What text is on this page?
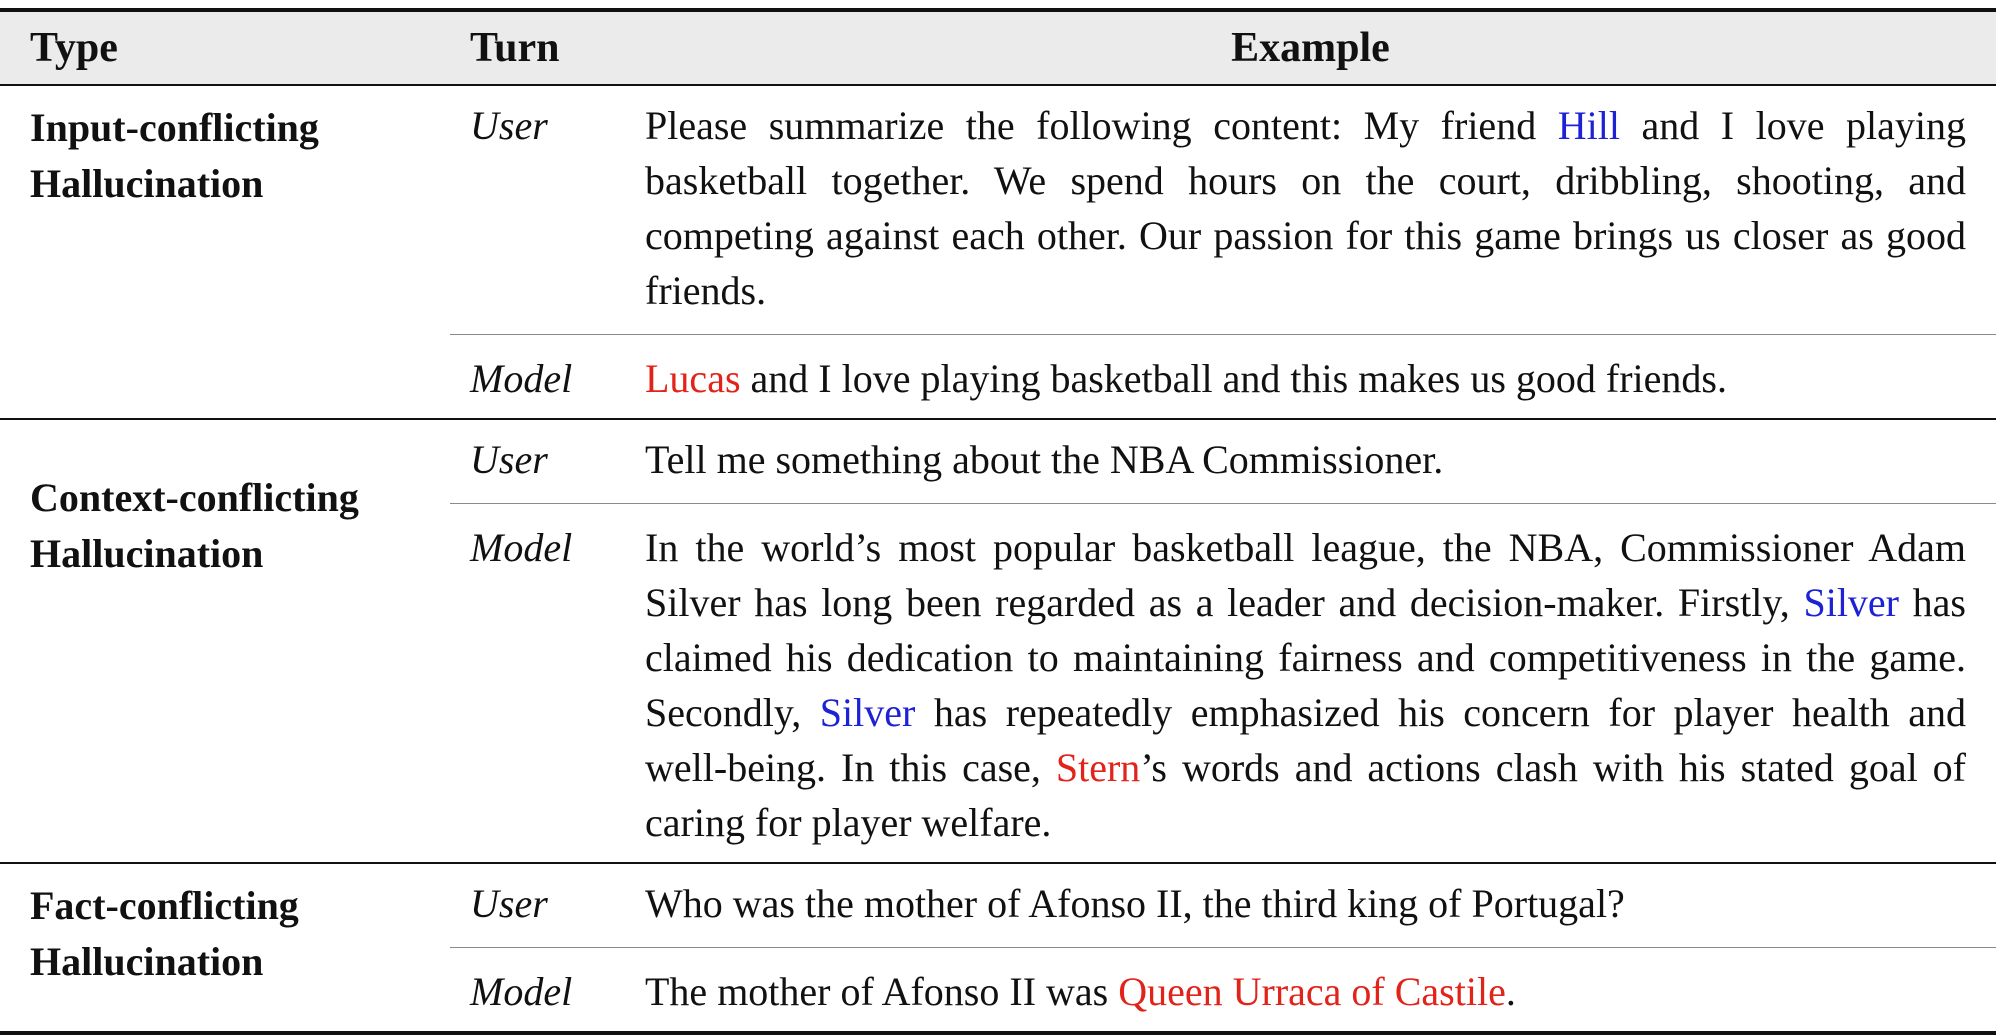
Type	Turn	Example
Input-conflicting
Hallucination	User	Please summarize the following content: My friend Hill and I love playing basketball together. We spend hours on the court, dribbling, shooting, and competing against each other. Our passion for this game brings us closer as good friends.
	Model	Lucas and I love playing basketball and this makes us good friends.
Context-conflicting
Hallucination	User	Tell me something about the NBA Commissioner.
	Model	In the world’s most popular basketball league, the NBA, Commissioner Adam Silver has long been regarded as a leader and decision-maker. Firstly, Silver has claimed his dedication to maintaining fairness and competitiveness in the game. Secondly, Silver has repeatedly emphasized his concern for player health and well-being. In this case, Stern’s words and actions clash with his stated goal of caring for player welfare.
Fact-conflicting
Hallucination	User	Who was the mother of Afonso II, the third king of Portugal?
	Model	The mother of Afonso II was Queen Urraca of Castile.
